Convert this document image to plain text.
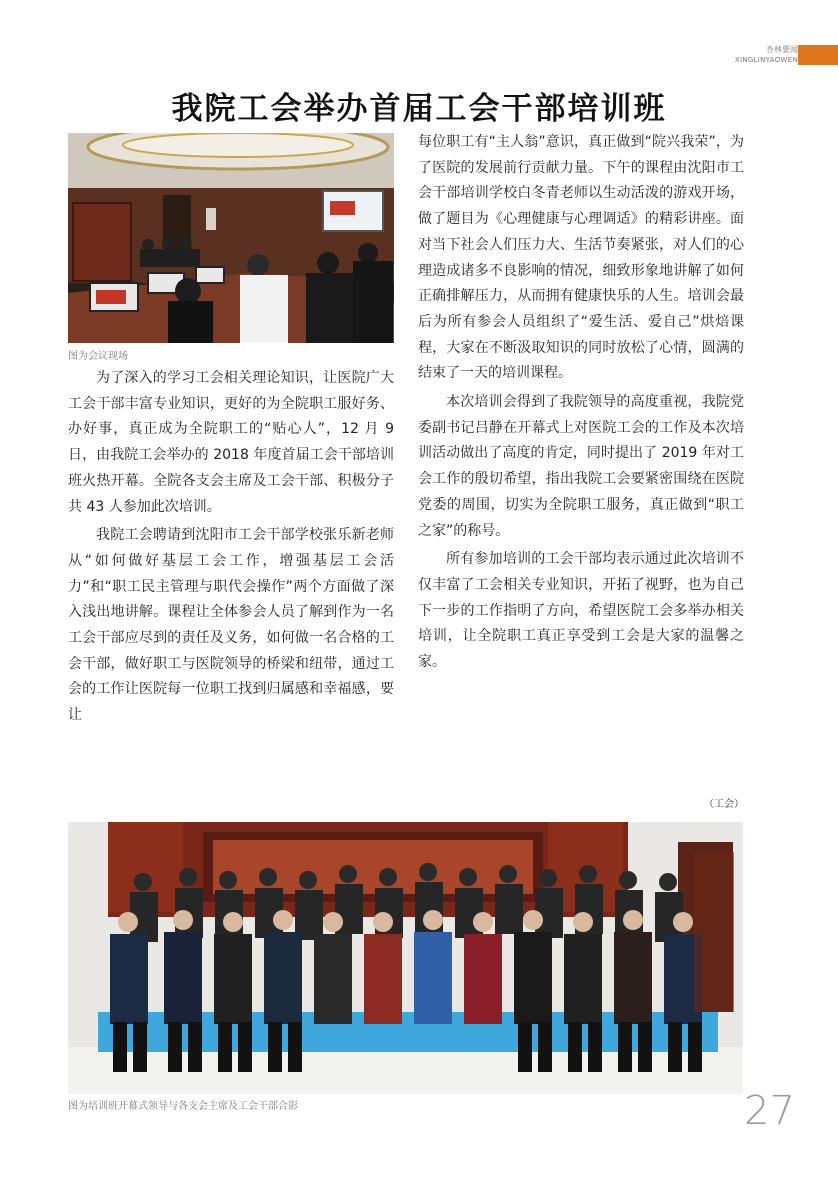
杏林要闻
XINGLINYAOWEN
我院工会举办首届工会干部培训班
图为会议现场

为了深入的学习工会相关理论知识，让医院广大工会干部丰富专业知识，更好的为全院职工服好务、办好事，真正成为全院职工的“贴心人”，12 月 9 日，由我院工会举办的 2018 年度首届工会干部培训班火热开幕。全院各支会主席及工会干部、积极分子共 43 人参加此次培训。

我院工会聘请到沈阳市工会干部学校张乐新老师从“如何做好基层工会工作，增强基层工会活力”和“职工民主管理与职代会操作”两个方面做了深入浅出地讲解。课程让全体参会人员了解到作为一名工会干部应尽到的责任及义务，如何做一名合格的工会干部，做好职工与医院领导的桥梁和纽带，通过工会的工作让医院每一位职工找到归属感和幸福感，要让

每位职工有“主人翁”意识，真正做到“院兴我荣”，为了医院的发展前行贡献力量。下午的课程由沈阳市工会干部培训学校白冬青老师以生动活泼的游戏开场，做了题目为《心理健康与心理调适》的精彩讲座。面对当下社会人们压力大、生活节奏紧张，对人们的心理造成诸多不良影响的情况，细致形象地讲解了如何正确排解压力，从而拥有健康快乐的人生。培训会最后为所有参会人员组织了“爱生活、爱自己”烘焙课程，大家在不断汲取知识的同时放松了心情，圆满的结束了一天的培训课程。

本次培训会得到了我院领导的高度重视，我院党委副书记吕静在开幕式上对医院工会的工作及本次培训活动做出了高度的肯定，同时提出了 2019 年对工会工作的殷切希望，指出我院工会要紧密围绕在医院党委的周围，切实为全院职工服务，真正做到“职工之家”的称号。

所有参加培训的工会干部均表示通过此次培训不仅丰富了工会相关专业知识，开拓了视野，也为自己下一步的工作指明了方向，希望医院工会多举办相关培训，让全院职工真正享受到工会是大家的温馨之家。

（工会）
图为培训班开幕式领导与各支会主席及工会干部合影	27
